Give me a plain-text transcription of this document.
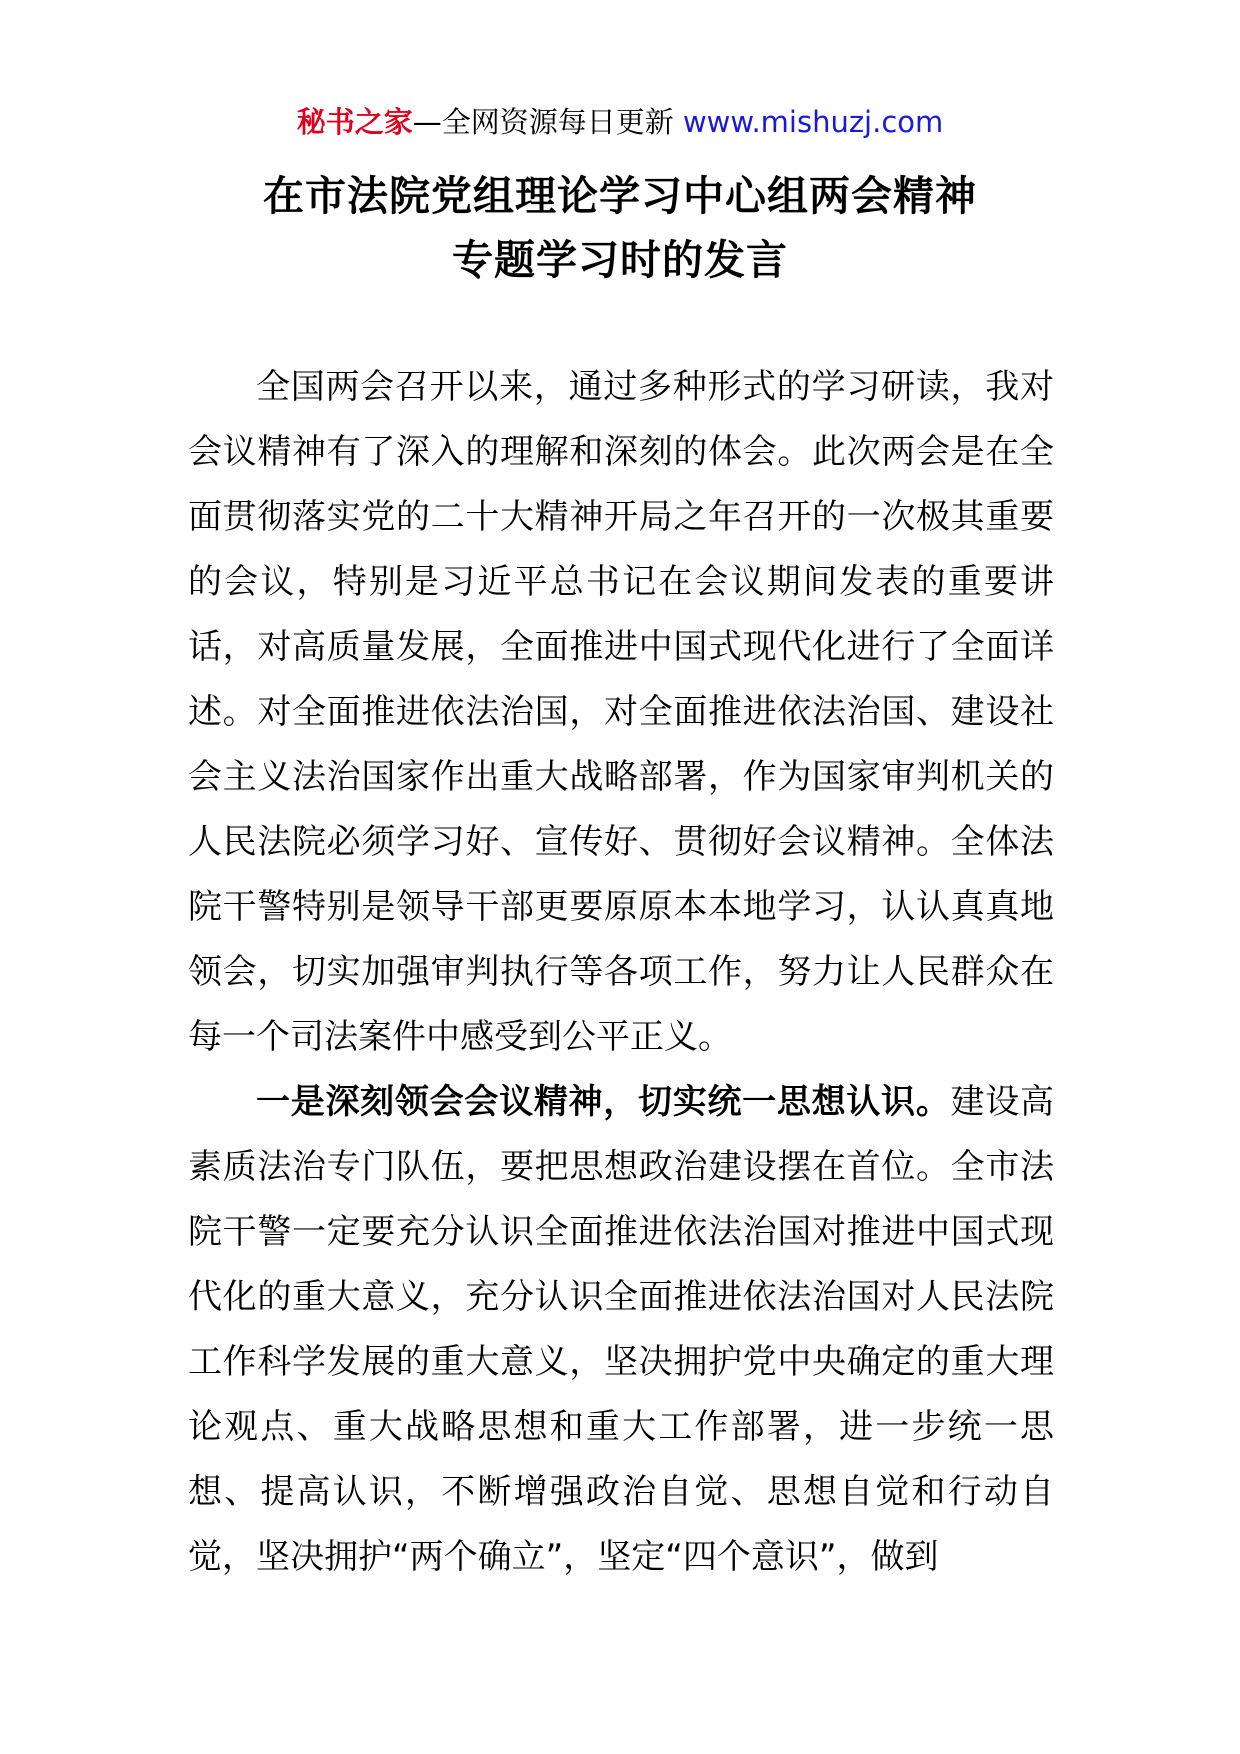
秘书之家—全网资源每日更新 www.mishuzj.com
在市法院党组理论学习中心组两会精神
专题学习时的发言

全国两会召开以来，通过多种形式的学习研读，我对会议精神有了深入的理解和深刻的体会。此次两会是在全面贯彻落实党的二十大精神开局之年召开的一次极其重要的会议，特别是习近平总书记在会议期间发表的重要讲话，对高质量发展，全面推进中国式现代化进行了全面详述。对全面推进依法治国，对全面推进依法治国、建设社会主义法治国家作出重大战略部署，作为国家审判机关的人民法院必须学习好、宣传好、贯彻好会议精神。全体法院干警特别是领导干部更要原原本本地学习，认认真真地领会，切实加强审判执行等各项工作，努力让人民群众在每一个司法案件中感受到公平正义。

一是深刻领会会议精神，切实统一思想认识。建设高素质法治专门队伍，要把思想政治建设摆在首位。全市法院干警一定要充分认识全面推进依法治国对推进中国式现代化的重大意义，充分认识全面推进依法治国对人民法院工作科学发展的重大意义，坚决拥护党中央确定的重大理论观点、重大战略思想和重大工作部署，进一步统一思想、提高认识，不断增强政治自觉、思想自觉和行动自觉，坚决拥护“两个确立”，坚定“四个意识”，做到
